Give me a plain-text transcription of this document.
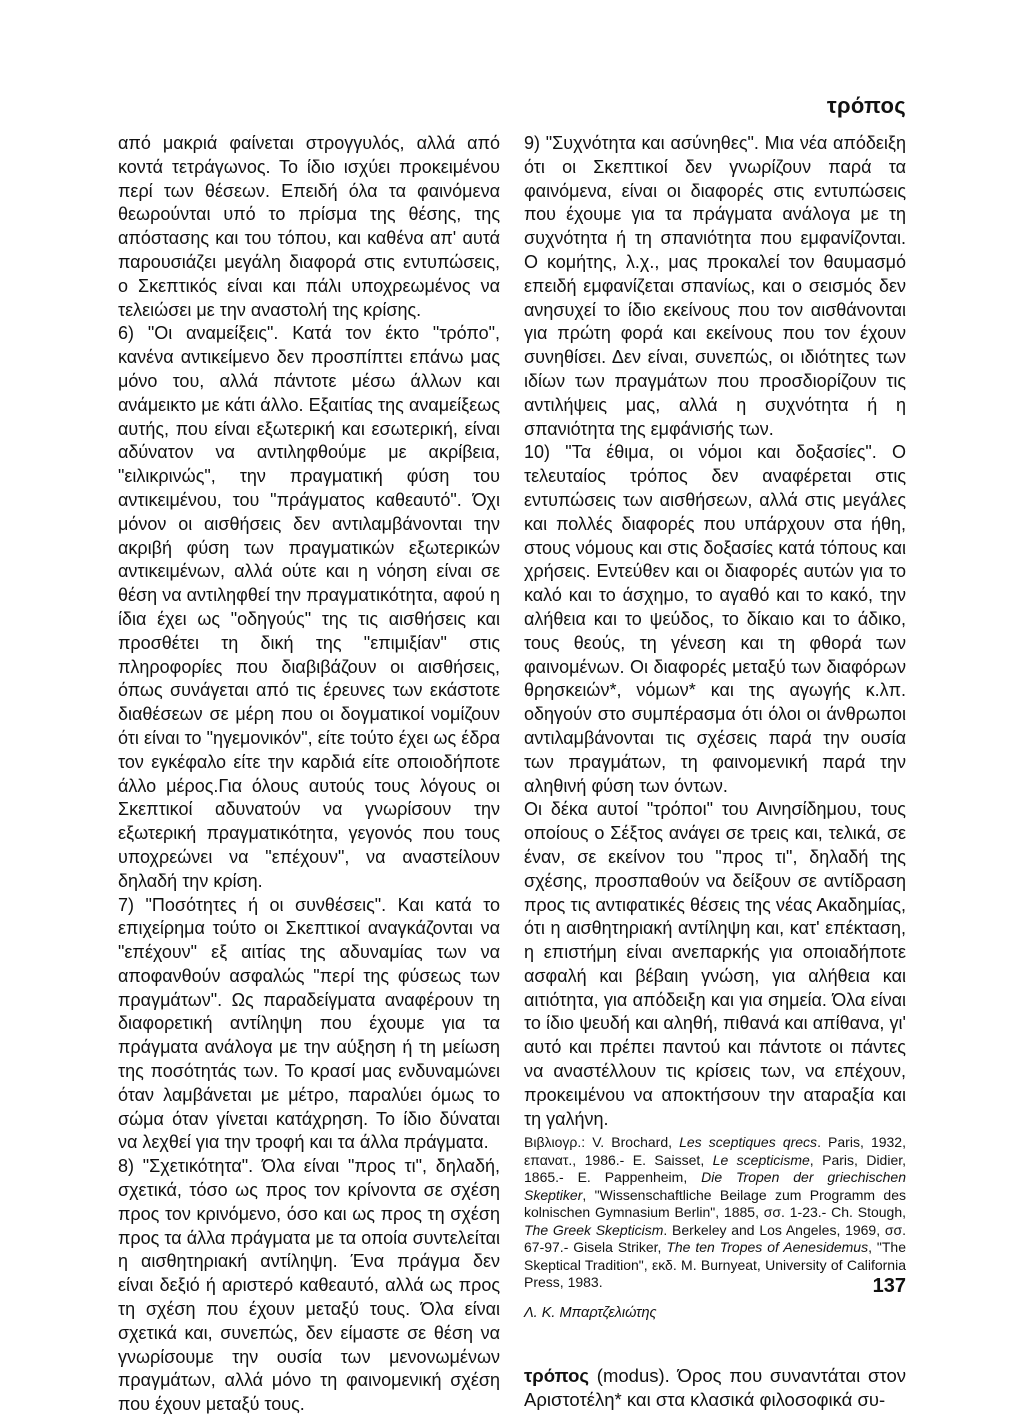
τρόπος

από μακριά φαίνεται στρογγυλός, αλλά από κοντά τετράγωνος. Το ίδιο ισχύει προκειμένου περί των θέσεων. Επειδή όλα τα φαινόμενα θεωρούνται υπό το πρίσμα της θέσης, της απόστασης και του τόπου, και καθένα απ' αυτά παρουσιάζει μεγάλη διαφορά στις εντυπώσεις, ο Σκεπτικός είναι και πάλι υποχρεωμένος να τελειώσει με την αναστολή της κρίσης.

6) "Οι αναμείξεις". Κατά τον έκτο "τρόπο", κανένα αντικείμενο δεν προσπίπτει επάνω μας μόνο του, αλλά πάντοτε μέσω άλλων και ανάμεικτο με κάτι άλλο. Εξαιτίας της αναμείξεως αυτής, που είναι εξωτερική και εσωτερική, είναι αδύνατον να αντιληφθούμε με ακρίβεια, "ειλικρινώς", την πραγματική φύση του αντικειμένου, του "πράγματος καθεαυτό". Όχι μόνον οι αισθήσεις δεν αντιλαμβάνονται την ακριβή φύση των πραγματικών εξωτερικών αντικειμένων, αλλά ούτε και η νόηση είναι σε θέση να αντιληφθεί την πραγματικότητα, αφού η ίδια έχει ως "οδηγούς" της τις αισθήσεις και προσθέτει τη δική της "επιμιξίαν" στις πληροφορίες που διαβιβάζουν οι αισθήσεις, όπως συνάγεται από τις έρευνες των εκάστοτε διαθέσεων σε μέρη που οι δογματικοί νομίζουν ότι είναι το "ηγεμονικόν", είτε τούτο έχει ως έδρα τον εγκέφαλο είτε την καρδιά είτε οποιοδήποτε άλλο μέρος.Για όλους αυτούς τους λόγους οι Σκεπτικοί αδυνατούν να γνωρίσουν την εξωτερική πραγματικότητα, γεγονός που τους υποχρεώνει να "επέχουν", να αναστείλουν δηλαδή την κρίση.

7) "Ποσότητες ή οι συνθέσεις". Και κατά το επιχείρημα τούτο οι Σκεπτικοί αναγκάζονται να "επέχουν" εξ αιτίας της αδυναμίας των να αποφανθούν ασφαλώς "περί της φύσεως των πραγμάτων". Ως παραδείγματα αναφέρουν τη διαφορετική αντίληψη που έχουμε για τα πράγματα ανάλογα με την αύξηση ή τη μείωση της ποσότητάς των. Το κρασί μας ενδυναμώνει όταν λαμβάνεται με μέτρο, παραλύει όμως το σώμα όταν γίνεται κατάχρηση. Το ίδιο δύναται να λεχθεί για την τροφή και τα άλλα πράγματα.

8) "Σχετικότητα". Όλα είναι "προς τι", δηλαδή, σχετικά, τόσο ως προς τον κρίνοντα σε σχέση προς τον κρινόμενο, όσο και ως προς τη σχέση προς τα άλλα πράγματα με τα οποία συντελείται η αισθητηριακή αντίληψη. Ένα πράγμα δεν είναι δεξιό ή αριστερό καθεαυτό, αλλά ως προς τη σχέση που έχουν μεταξύ τους. Όλα είναι σχετικά και, συνεπώς, δεν είμαστε σε θέση να γνωρίσουμε την ουσία των μενονωμένων πραγμάτων, αλλά μόνο τη φαινομενική σχέση που έχουν μεταξύ τους.

9) "Συχνότητα και ασύνηθες". Μια νέα απόδειξη ότι οι Σκεπτικοί δεν γνωρίζουν παρά τα φαινόμενα, είναι οι διαφορές στις εντυπώσεις που έχουμε για τα πράγματα ανάλογα με τη συχνότητα ή τη σπανιότητα που εμφανίζονται. Ο κομήτης, λ.χ., μας προκαλεί τον θαυμασμό επειδή εμφανίζεται σπανίως, και ο σεισμός δεν ανησυχεί το ίδιο εκείνους που τον αισθάνονται για πρώτη φορά και εκείνους που τον έχουν συνηθίσει. Δεν είναι, συνεπώς, οι ιδιότητες των ιδίων των πραγμάτων που προσδιορίζουν τις αντιλήψεις μας, αλλά η συχνότητα ή η σπανιότητα της εμφάνισής των.

10) "Τα έθιμα, οι νόμοι και δοξασίες". Ο τελευταίος τρόπος δεν αναφέρεται στις εντυπώσεις των αισθήσεων, αλλά στις μεγάλες και πολλές διαφορές που υπάρχουν στα ήθη, στους νόμους και στις δοξασίες κατά τόπους και χρήσεις. Εντεύθεν και οι διαφορές αυτών για το καλό και το άσχημο, το αγαθό και το κακό, την αλήθεια και το ψεύδος, το δίκαιο και το άδικο, τους θεούς, τη γένεση και τη φθορά των φαινομένων. Οι διαφορές μεταξύ των διαφόρων θρησκειών*, νόμων* και της αγωγής κ.λπ. οδηγούν στο συμπέρασμα ότι όλοι οι άνθρωποι αντιλαμβάνονται τις σχέσεις παρά την ουσία των πραγμάτων, τη φαινομενική παρά την αληθινή φύση των όντων.

Οι δέκα αυτοί "τρόποι" του Αινησίδημου, τους οποίους ο Σέξτος ανάγει σε τρεις και, τελικά, σε έναν, σε εκείνον του "προς τι", δηλαδή της σχέσης, προσπαθούν να δείξουν σε αντίδραση προς τις αντιφατικές θέσεις της νέας Ακαδημίας, ότι η αισθητηριακή αντίληψη και, κατ' επέκταση, η επιστήμη είναι ανεπαρκής για οποιαδήποτε ασφαλή και βέβαιη γνώση, για αλήθεια και αιτιότητα, για απόδειξη και για σημεία. Όλα είναι το ίδιο ψευδή και αληθή, πιθανά και απίθανα, γι' αυτό και πρέπει παντού και πάντοτε οι πάντες να αναστέλλουν τις κρίσεις των, να επέχουν, προκειμένου να αποκτήσουν την αταραξία και τη γαλήνη.

Βιβλιογρ.: V. Brochard, Les sceptiques qrecs. Paris, 1932, επανατ., 1986.- E. Saisset, Le scepticisme, Paris, Didier, 1865.- E. Pappenheim, Die Tropen der griechischen Skeptiker, "Wissenschaftliche Beilage zum Programm des kolnischen Gymnasium Berlin", 1885, σσ. 1-23.- Ch. Stough, The Greek Skepticism. Berkeley and Los Angeles, 1969, σσ. 67-97.- Gisela Striker, The ten Tropes of Aenesidemus, "The Skeptical Tradition", εκδ. M. Burnyeat, University of California Press, 1983.

Λ. Κ. Μπαρτζελιώτης

τρόπος (modus). Όρος που συναντάται στον Αριστοτέλη* και στα κλασικά φιλοσοφικά συ-

137
